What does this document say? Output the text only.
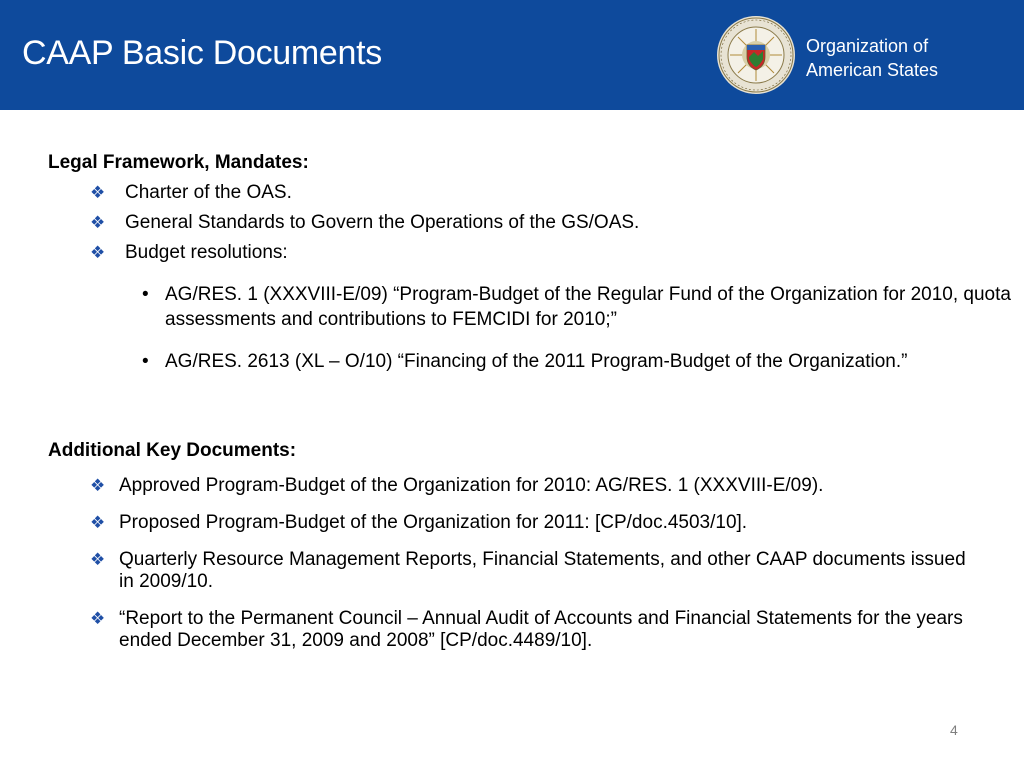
CAAP Basic Documents	Organization of
American States
Legal Framework, Mandates:
❖	Charter of the OAS.
❖	General Standards to Govern the Operations of the GS/OAS.
❖	Budget resolutions:
• AG/RES. 1 (XXXVIII-E/09) “Program-Budget of the Regular Fund of the Organization for 2010, quota assessments and contributions to FEMCIDI for 2010;”
• AG/RES. 2613 (XL – O/10) “Financing of the 2011 Program-Budget of the Organization.”
Additional Key Documents:
❖ Approved Program-Budget of the Organization for 2010: AG/RES. 1 (XXXVIII-E/09).
❖ Proposed Program-Budget of the Organization for 2011: [CP/doc.4503/10].
❖ Quarterly Resource Management Reports, Financial Statements, and other CAAP documents issued in 2009/10.
❖ “Report to the Permanent Council – Annual Audit of Accounts and Financial Statements for the years ended December 31, 2009 and 2008” [CP/doc.4489/10].
4
